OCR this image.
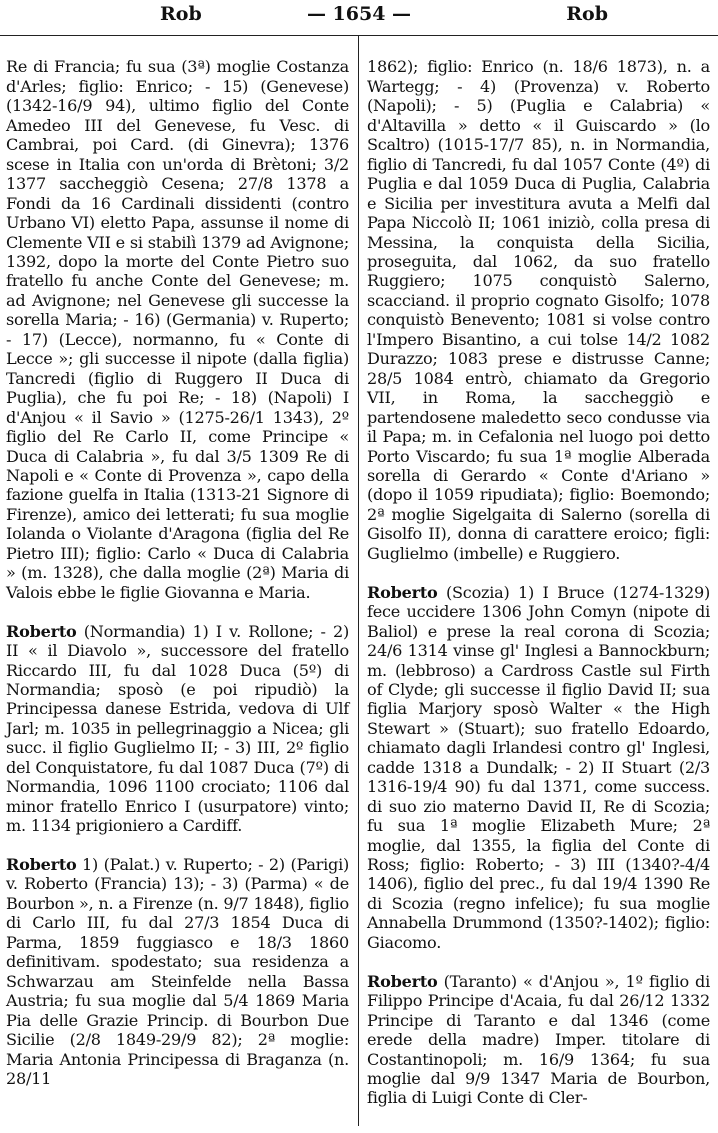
Rob	— 1654 —	Rob

Re di Francia; fu sua (3ª) moglie Costanza d'Arles; figlio: Enrico; - 15) (Genevese) (1342-16/9 94), ultimo figlio del Conte Amedeo III del Genevese, fu Vesc. di Cambrai, poi Card. (di Ginevra); 1376 scese in Italia con un'orda di Brètoni; 3/2 1377 saccheggiò Cesena; 27/8 1378 a Fondi da 16 Cardinali dissidenti (contro Urbano VI) eletto Papa, assunse il nome di Clemente VII e si stabilì 1379 ad Avignone; 1392, dopo la morte del Conte Pietro suo fratello fu anche Conte del Genevese; m. ad Avignone; nel Genevese gli successe la sorella Maria; - 16) (Germania) v. Ruperto; - 17) (Lecce), normanno, fu « Conte di Lecce »; gli successe il nipote (dalla figlia) Tancredi (figlio di Ruggero II Duca di Puglia), che fu poi Re; - 18) (Napoli) I d'Anjou « il Savio » (1275-26/1 1343), 2º figlio del Re Carlo II, come Principe « Duca di Calabria », fu dal 3/5 1309 Re di Napoli e « Conte di Provenza », capo della fazione guelfa in Italia (1313-21 Signore di Firenze), amico dei letterati; fu sua moglie Iolanda o Violante d'Aragona (figlia del Re Pietro III); figlio: Carlo « Duca di Calabria » (m. 1328), che dalla moglie (2ª) Maria di Valois ebbe le figlie Giovanna e Maria.

Roberto (Normandia) 1) I v. Rollone; - 2) II « il Diavolo », successore del fratello Riccardo III, fu dal 1028 Duca (5º) di Normandia; sposò (e poi ripudiò) la Principessa danese Estrida, vedova di Ulf Jarl; m. 1035 in pellegrinaggio a Nicea; gli succ. il figlio Guglielmo II; - 3) III, 2º figlio del Conquistatore, fu dal 1087 Duca (7º) di Normandia, 1096 1100 crociato; 1106 dal minor fratello Enrico I (usurpatore) vinto; m. 1134 prigioniero a Cardiff.

Roberto 1) (Palat.) v. Ruperto; - 2) (Parigi) v. Roberto (Francia) 13); - 3) (Parma) « de Bourbon », n. a Firenze (n. 9/7 1848), figlio di Carlo III, fu dal 27/3 1854 Duca di Parma, 1859 fuggiasco e 18/3 1860 definitivam. spodestato; sua residenza a Schwarzau am Steinfelde nella Bassa Austria; fu sua moglie dal 5/4 1869 Maria Pia delle Grazie Princip. di Bourbon Due Sicilie (2/8 1849-29/9 82); 2ª moglie: Maria Antonia Principessa di Braganza (n. 28/11

1862); figlio: Enrico (n. 18/6 1873), n. a Wartegg; - 4) (Provenza) v. Roberto (Napoli); - 5) (Puglia e Calabria) « d'Altavilla » detto « il Guiscardo » (lo Scaltro) (1015-17/7 85), n. in Normandia, figlio di Tancredi, fu dal 1057 Conte (4º) di Puglia e dal 1059 Duca di Puglia, Calabria e Sicilia per investitura avuta a Melfi dal Papa Niccolò II; 1061 iniziò, colla presa di Messina, la conquista della Sicilia, proseguita, dal 1062, da suo fratello Ruggiero; 1075 conquistò Salerno, scacciand. il proprio cognato Gisolfo; 1078 conquistò Benevento; 1081 si volse contro l'Impero Bisantino, a cui tolse 14/2 1082 Durazzo; 1083 prese e distrusse Canne; 28/5 1084 entrò, chiamato da Gregorio VII, in Roma, la saccheggiò e partendosene maledetto seco condusse via il Papa; m. in Cefalonia nel luogo poi detto Porto Viscardo; fu sua 1ª moglie Alberada sorella di Gerardo « Conte d'Ariano » (dopo il 1059 ripudiata); figlio: Boemondo; 2ª moglie Sigelgaita di Salerno (sorella di Gisolfo II), donna di carattere eroico; figli: Guglielmo (imbelle) e Ruggiero.

Roberto (Scozia) 1) I Bruce (1274-1329) fece uccidere 1306 John Comyn (nipote di Baliol) e prese la real corona di Scozia; 24/6 1314 vinse gl' Inglesi a Bannockburn; m. (lebbroso) a Cardross Castle sul Firth of Clyde; gli successe il figlio David II; sua figlia Marjory sposò Walter « the High Stewart » (Stuart); suo fratello Edoardo, chiamato dagli Irlandesi contro gl' Inglesi, cadde 1318 a Dundalk; - 2) II Stuart (2/3 1316-19/4 90) fu dal 1371, come success. di suo zio materno David II, Re di Scozia; fu sua 1ª moglie Elizabeth Mure; 2ª moglie, dal 1355, la figlia del Conte di Ross; figlio: Roberto; - 3) III (1340?-4/4 1406), figlio del prec., fu dal 19/4 1390 Re di Scozia (regno infelice); fu sua moglie Annabella Drummond (1350?-1402); figlio: Giacomo.

Roberto (Taranto) « d'Anjou », 1º figlio di Filippo Principe d'Acaia, fu dal 26/12 1332 Principe di Taranto e dal 1346 (come erede della madre) Imper. titolare di Costantinopoli; m. 16/9 1364; fu sua moglie dal 9/9 1347 Maria de Bourbon, figlia di Luigi Conte di Cler-
